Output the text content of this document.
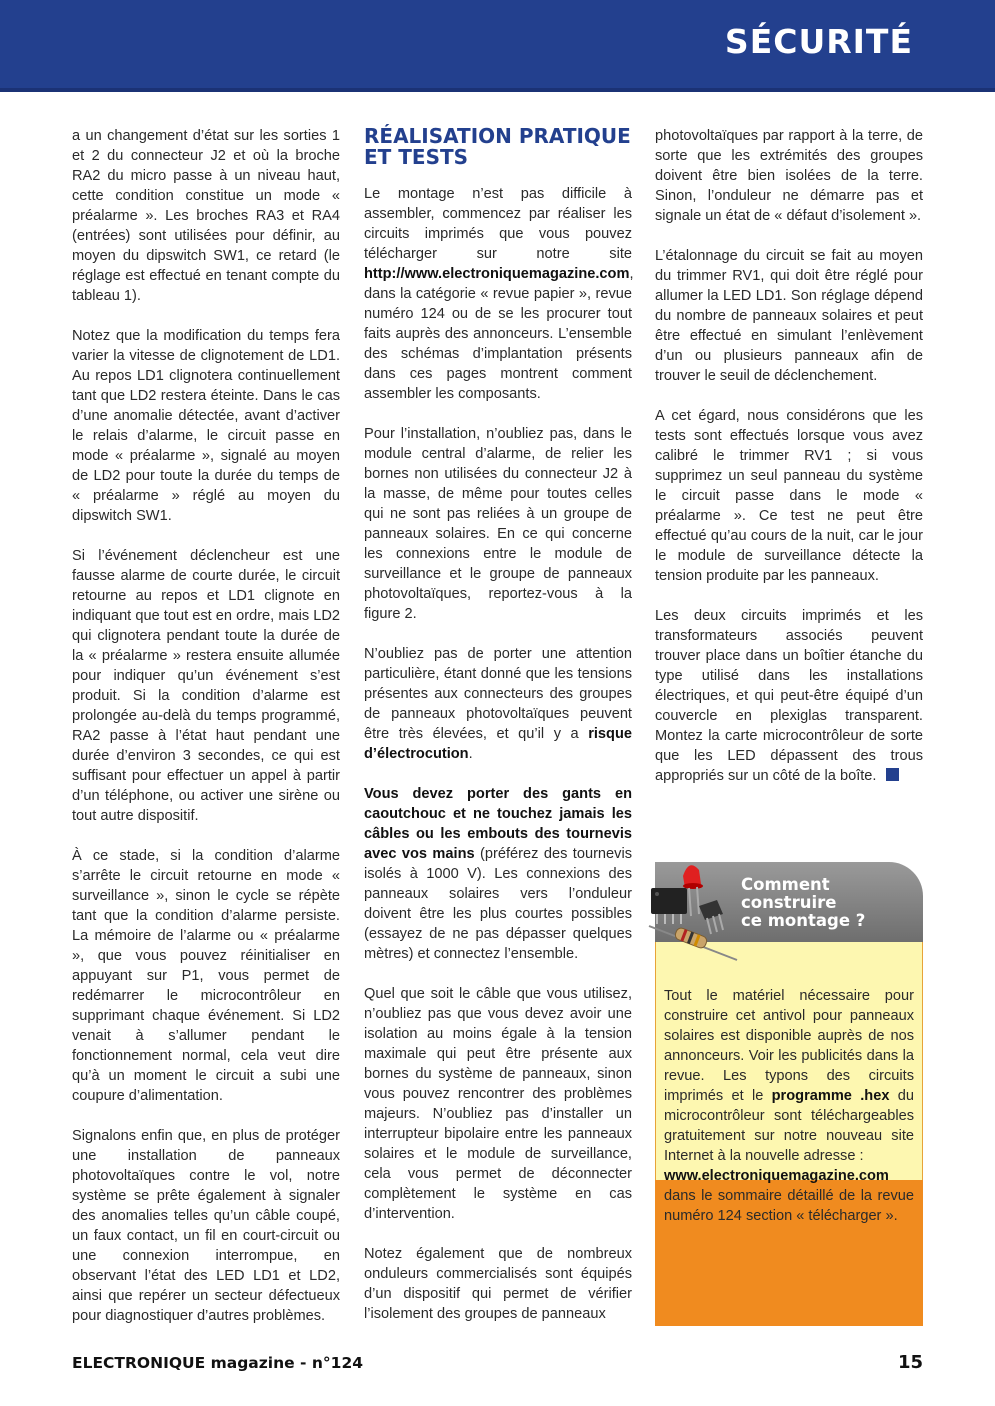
SÉCURITÉ

a un changement d’état sur les sorties 1 et 2 du connecteur J2 et où la broche RA2 du micro passe à un niveau haut, cette condition constitue un mode « préalarme ». Les broches RA3 et RA4 (entrées) sont utilisées pour définir, au moyen du dipswitch SW1, ce retard (le réglage est effectué en tenant compte du tableau 1).

Notez que la modification du temps fera varier la vitesse de clignotement de LD1. Au repos LD1 clignotera continuellement tant que LD2 restera éteinte. Dans le cas d’une anomalie détectée, avant d’activer le relais d’alarme, le circuit passe en mode « préalarme », signalé au moyen de LD2 pour toute la durée du temps de « préalarme » réglé au moyen du dipswitch SW1.

Si l’événement déclencheur est une fausse alarme de courte durée, le circuit retourne au repos et LD1 clignote en indiquant que tout est en ordre, mais LD2 qui clignotera pendant toute la durée de la « préalarme » restera ensuite allumée pour indiquer qu’un événement s’est produit. Si la condition d’alarme est prolongée au-delà du temps programmé, RA2 passe à l’état haut pendant une durée d’environ 3 secondes, ce qui est suffisant pour effectuer un appel à partir d’un téléphone, ou activer une sirène ou tout autre dispositif.

À ce stade, si la condition d’alarme s’arrête le circuit retourne en mode « surveillance », sinon le cycle se répète tant que la condition d’alarme persiste. La mémoire de l’alarme ou « préalarme », que vous pouvez réinitialiser en appuyant sur P1, vous permet de redémarrer le microcontrôleur en supprimant chaque événement. Si LD2 venait à s’allumer pendant le fonctionnement normal, cela veut dire qu’à un moment le circuit a subi une coupure d’alimentation.

Signalons enfin que, en plus de protéger une installation de panneaux photovoltaïques contre le vol, notre système se prête également à signaler des anomalies telles qu’un câble coupé, un faux contact, un fil en court-circuit ou une connexion interrompue, en observant l’état des LED LD1 et LD2, ainsi que repérer un secteur défectueux pour diagnostiquer d’autres problèmes.

RÉALISATION PRATIQUE ET TESTS

Le montage n’est pas difficile à assembler, commencez par réaliser les circuits imprimés que vous pouvez télécharger sur notre site http://www.electroniquemagazine.com, dans la catégorie « revue papier », revue numéro 124 ou de se les procurer tout faits auprès des annonceurs. L’ensemble des schémas d’implantation présents dans ces pages montrent comment assembler les composants.

Pour l’installation, n’oubliez pas, dans le module central d’alarme, de relier les bornes non utilisées du connecteur J2 à la masse, de même pour toutes celles qui ne sont pas reliées à un groupe de panneaux solaires. En ce qui concerne les connexions entre le module de surveillance et le groupe de panneaux photovoltaïques, reportez-vous à la figure 2.

N’oubliez pas de porter une attention particulière, étant donné que les tensions présentes aux connecteurs des groupes de panneaux photovoltaïques peuvent être très élevées, et qu’il y a risque d’électrocution.

Vous devez porter des gants en caoutchouc et ne touchez jamais les câbles ou les embouts des tournevis avec vos mains (préférez des tournevis isolés à 1000 V). Les connexions des panneaux solaires vers l’onduleur doivent être les plus courtes possibles (essayez de ne pas dépasser quelques mètres) et connectez l’ensemble.

Quel que soit le câble que vous utilisez, n’oubliez pas que vous devez avoir une isolation au moins égale à la tension maximale qui peut être présente aux bornes du système de panneaux, sinon vous pouvez rencontrer des problèmes majeurs. N’oubliez pas d’installer un interrupteur bipolaire entre les panneaux solaires et le module de surveillance, cela vous permet de déconnecter complètement le système en cas d’intervention.

Notez également que de nombreux onduleurs commercialisés sont équipés d’un dispositif qui permet de vérifier l’isolement des groupes de panneaux

photovoltaïques par rapport à la terre, de sorte que les extrémités des groupes doivent être bien isolées de la terre. Sinon, l’onduleur ne démarre pas et signale un état de « défaut d’isolement ».

L’étalonnage du circuit se fait au moyen du trimmer RV1, qui doit être réglé pour allumer la LED LD1. Son réglage dépend du nombre de panneaux solaires et peut être effectué en simulant l’enlèvement d’un ou plusieurs panneaux afin de trouver le seuil de déclenchement.

A cet égard, nous considérons que les tests sont effectués lorsque vous avez calibré le trimmer RV1 ; si vous supprimez un seul panneau du système le circuit passe dans le mode « préalarme ». Ce test ne peut être effectué qu’au cours de la nuit, car le jour le module de surveillance détecte la tension produite par les panneaux.

Les deux circuits imprimés et les transformateurs associés peuvent trouver place dans un boîtier étanche du type utilisé dans les installations électriques, et qui peut-être équipé d’un couvercle en plexiglas transparent. Montez la carte microcontrôleur de sorte que les LED dépassent des trous appropriés sur un côté de la boîte.

Comment
construire
ce montage ?
Tout le matériel nécessaire pour construire cet antivol pour panneaux solaires est disponible auprès de nos annonceurs. Voir les publicités dans la revue. Les typons des circuits imprimés et le programme .hex du microcontrôleur sont téléchargeables gratuitement sur notre nouveau site Internet à la nouvelle adresse :
www.electroniquemagazine.com
dans le sommaire détaillé de la revue numéro 124 section « télécharger ».
ELECTRONIQUE magazine - n°124	15
